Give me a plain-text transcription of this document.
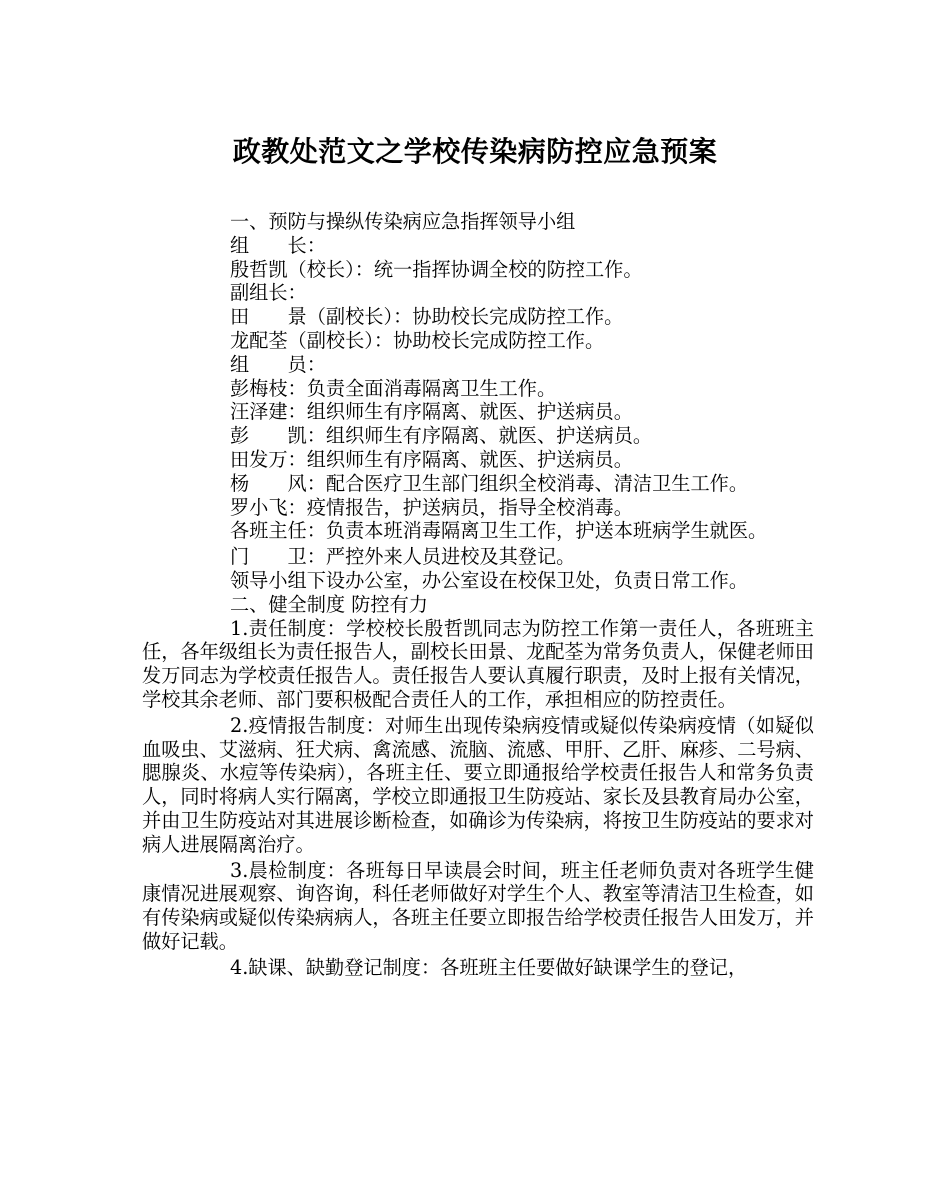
政教处范文之学校传染病防控应急预案
一、预防与操纵传染病应急指挥领导小组
组　　长：
殷哲凯（校长）：统一指挥协调全校的防控工作。
副组长：
田　　景（副校长）：协助校长完成防控工作。
龙配荃（副校长）：协助校长完成防控工作。
组　　员：
彭梅枝：负责全面消毒隔离卫生工作。
汪泽建：组织师生有序隔离、就医、护送病员。
彭　　凯：组织师生有序隔离、就医、护送病员。
田发万：组织师生有序隔离、就医、护送病员。
杨　　风：配合医疗卫生部门组织全校消毒、清洁卫生工作。
罗小飞：疫情报告，护送病员，指导全校消毒。

各班主任：负责本班消毒隔离卫生工作，护送本班病学生就医。

门　　卫：严控外来人员进校及其登记。
领导小组下设办公室，办公室设在校保卫处，负责日常工作。
二、健全制度 防控有力

1.责任制度：学校校长殷哲凯同志为防控工作第一责任人，各班班主任，各年级组长为责任报告人，副校长田景、龙配荃为常务负责人，保健老师田发万同志为学校责任报告人。责任报告人要认真履行职责，及时上报有关情况，学校其余老师、部门要积极配合责任人的工作，承担相应的防控责任。

2.疫情报告制度：对师生出现传染病疫情或疑似传染病疫情（如疑似血吸虫、艾滋病、狂犬病、禽流感、流脑、流感、甲肝、乙肝、麻疹、二号病、腮腺炎、水痘等传染病），各班主任、要立即通报给学校责任报告人和常务负责人，同时将病人实行隔离，学校立即通报卫生防疫站、家长及县教育局办公室，并由卫生防疫站对其进展诊断检查，如确诊为传染病，将按卫生防疫站的要求对病人进展隔离治疗。

3.晨检制度：各班每日早读晨会时间，班主任老师负责对各班学生健康情况进展观察、询咨询，科任老师做好对学生个人、教室等清洁卫生检查，如有传染病或疑似传染病病人，各班主任要立即报告给学校责任报告人田发万，并做好记载。

4.缺课、缺勤登记制度：各班班主任要做好缺课学生的登记，
